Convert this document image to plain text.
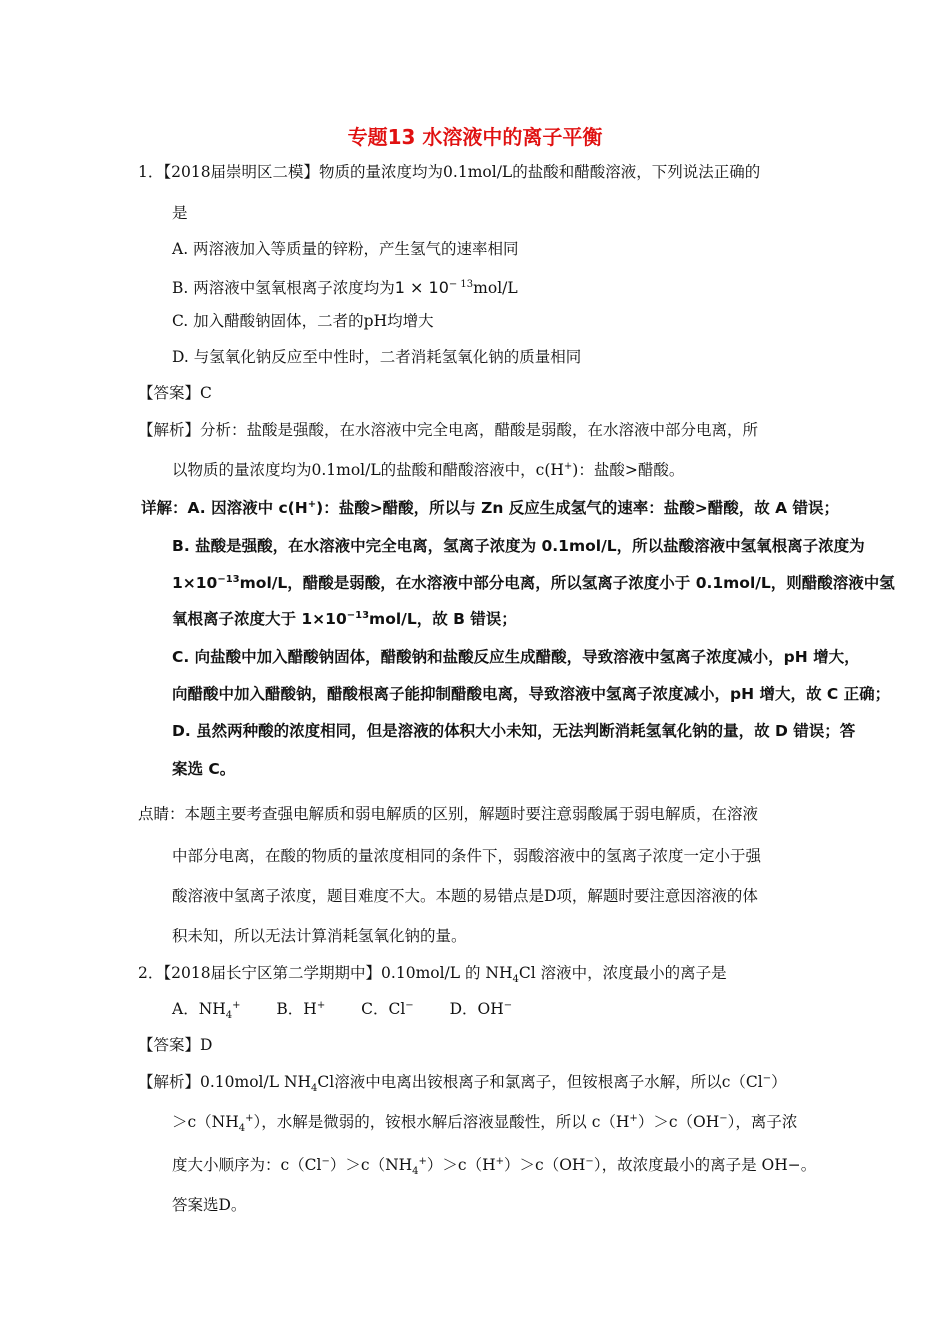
专题13 水溶液中的离子平衡
1．【2018届崇明区二模】物质的量浓度均为0.1mol/L的盐酸和醋酸溶液，下列说法正确的
是
A. 两溶液加入等质量的锌粉，产生氢气的速率相同
B. 两溶液中氢氧根离子浓度均为$1 \times 10^{- 13}mol/L$
C. 加入醋酸钠固体，二者的pH均增大
D. 与氢氧化钠反应至中性时，二者消耗氢氧化钠的质量相同
【答案】C
【解析】分析：盐酸是强酸，在水溶液中完全电离，醋酸是弱酸，在水溶液中部分电离，所
以物质的量浓度均为0.1mol/L的盐酸和醋酸溶液中，c(H+)：盐酸>醋酸。
详解：A. 因溶液中 c(H+)：盐酸>醋酸，所以与 Zn 反应生成氢气的速率：盐酸>醋酸，故 A 错误；
B. 盐酸是强酸，在水溶液中完全电离，氢离子浓度为 0.1mol/L，所以盐酸溶液中氢氧根离子浓度为
$1\times 10^{-13}mol/L$，醋酸是弱酸，在水溶液中部分电离，所以氢离子浓度小于 0.1mol/L，则醋酸溶液中氢
氧根离子浓度大于 $1\times 10^{-13}mol/L$，故 B 错误；
C. 向盐酸中加入醋酸钠固体，醋酸钠和盐酸反应生成醋酸，导致溶液中氢离子浓度减小，pH 增大，
向醋酸中加入醋酸钠，醋酸根离子能抑制醋酸电离，导致溶液中氢离子浓度减小，pH 增大，故 C 正确；
D. 虽然两种酸的浓度相同，但是溶液的体积大小未知，无法判断消耗氢氧化钠的量，故 D 错误；答
案选 C。
点睛：本题主要考查强电解质和弱电解质的区别，解题时要注意弱酸属于弱电解质，在溶液
中部分电离，在酸的物质的量浓度相同的条件下，弱酸溶液中的氢离子浓度一定小于强
酸溶液中氢离子浓度，题目难度不大。本题的易错点是D项，解题时要注意因溶液的体
积未知，所以无法计算消耗氢氧化钠的量。
2．【2018届长宁区第二学期期中】0.10mol/L 的 $NH_4Cl$ 溶液中，浓度最小的离子是
A．$NH_4^+$ B．H+ C．Cl− D．OH−
【答案】D
【解析】0.10mol/L $NH_4Cl$溶液中电离出铵根离子和氯离子，但铵根离子水解，所以c（Cl−）
$>c(NH_4^+)$，水解是微弱的，铵根水解后溶液显酸性，所以 c（H+）＞c（OH−），离子浓
度大小顺序为：$c(Cl^-)>c(NH_4^+)>c(H^+)>c(OH^-)$，故浓度最小的离子是 OH−。
答案选D。
